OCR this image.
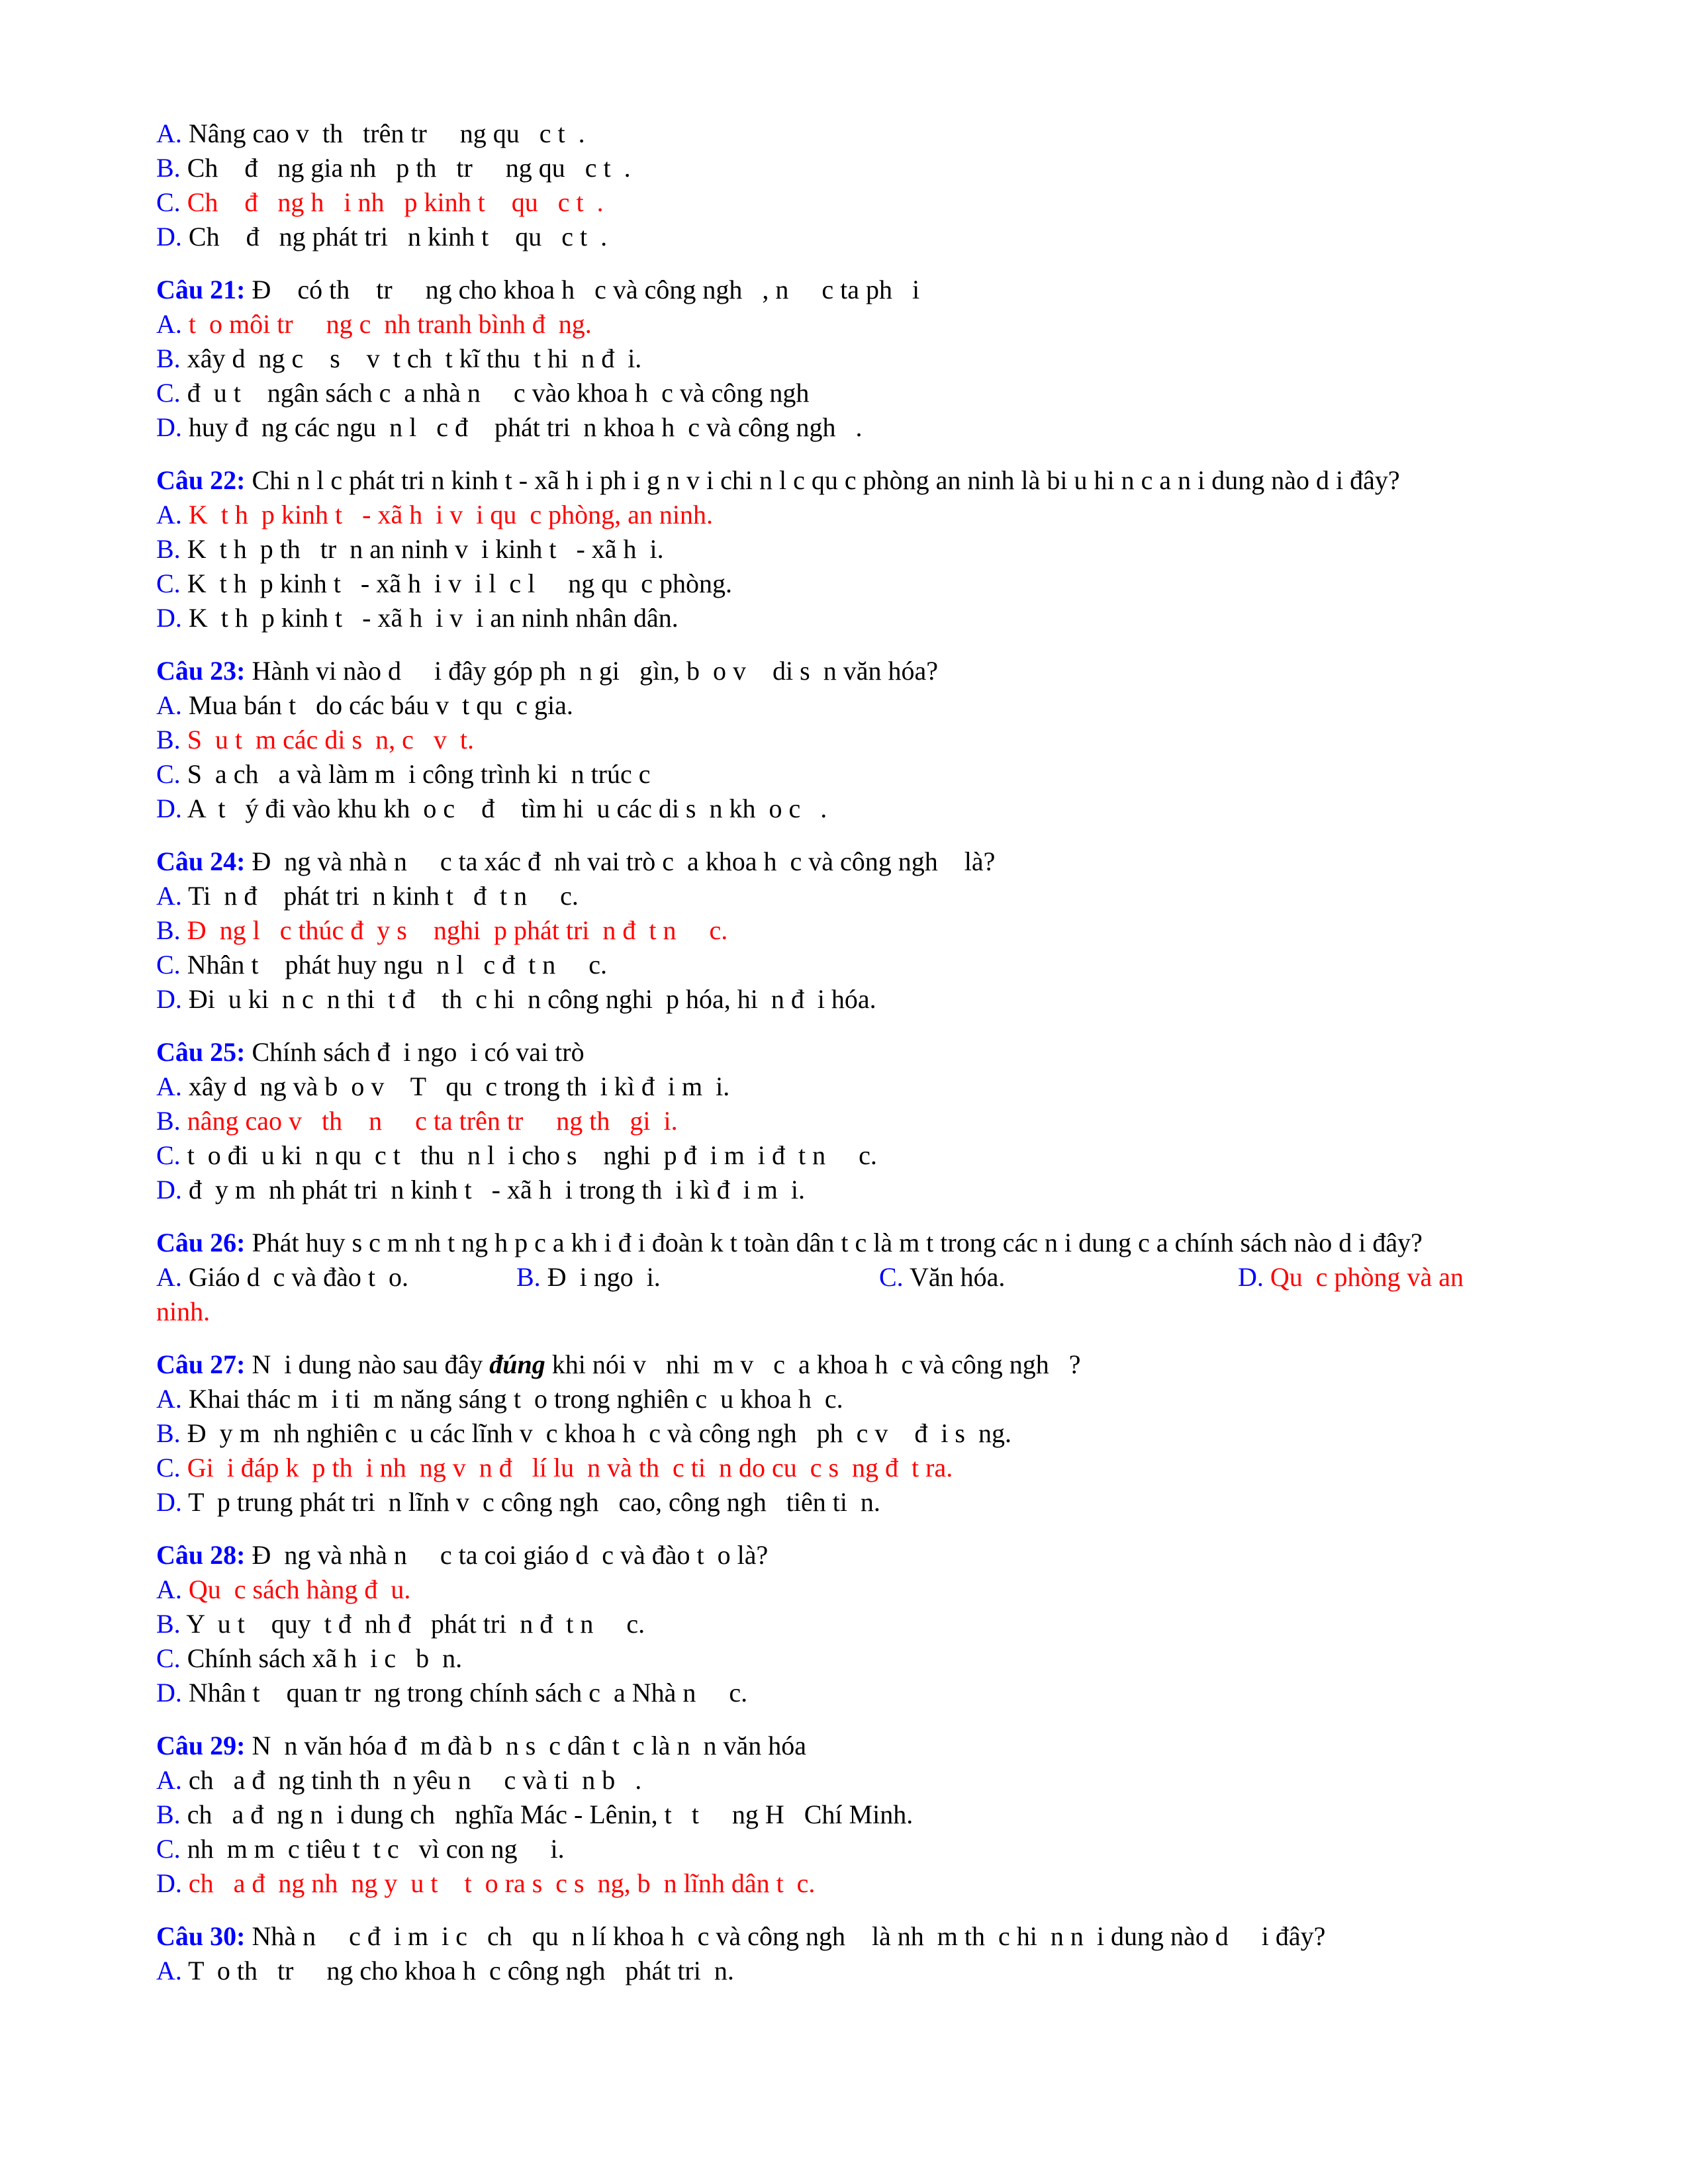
A. Nâng cao v  th   trên tr     ng qu   c t  .
B. Ch    đ   ng gia nh   p th   tr     ng qu   c t  .
C. Ch    đ   ng h   i nh   p kinh t    qu   c t  .
D. Ch    đ   ng phát tri   n kinh t    qu   c t  .
Câu 21: Đ    có th    tr     ng cho khoa h   c và công ngh   , n     c ta ph   i
A. t  o môi tr     ng c  nh tranh bình đ  ng.
B. xây d  ng c    s    v  t ch  t kĩ thu  t hi  n đ  i.
C. đ  u t    ngân sách c  a nhà n     c vào khoa h  c và công ngh
D. huy đ  ng các ngu  n l   c đ    phát tri  n khoa h  c và công ngh   .
Câu 22: Chi n l c phát tri n kinh t - xã h i ph i g n v i chi n l c qu c phòng an ninh là bi u hi n c a n i dung nào d i đây?
A. K  t h  p kinh t   - xã h  i v  i qu  c phòng, an ninh.
B. K  t h  p th   tr  n an ninh v  i kinh t   - xã h  i.
C. K  t h  p kinh t   - xã h  i v  i l  c l     ng qu  c phòng.
D. K  t h  p kinh t   - xã h  i v  i an ninh nhân dân.
Câu 23: Hành vi nào d     i đây góp ph  n gi   gìn, b  o v    di s  n văn hóa?
A. Mua bán t   do các báu v  t qu  c gia.
B. S  u t  m các di s  n, c   v  t.
C. S  a ch   a và làm m  i công trình ki  n trúc c
D. A  t   ý đi vào khu kh  o c    đ    tìm hi  u các di s  n kh  o c   .
Câu 24: Đ  ng và nhà n     c ta xác đ  nh vai trò c  a khoa h  c và công ngh    là?
A. Ti  n đ    phát tri  n kinh t   đ  t n     c.
B. Đ  ng l   c thúc đ  y s    nghi  p phát tri  n đ  t n     c.
C. Nhân t    phát huy ngu  n l   c đ  t n     c.
D. Đi  u ki  n c  n thi  t đ    th  c hi  n công nghi  p hóa, hi  n đ  i hóa.
Câu 25: Chính sách đ  i ngo  i có vai trò
A. xây d  ng và b  o v    T   qu  c trong th  i kì đ  i m  i.
B. nâng cao v   th    n     c ta trên tr     ng th   gi  i.
C. t  o đi  u ki  n qu  c t   thu  n l  i cho s    nghi  p đ  i m  i đ  t n     c.
D. đ  y m  nh phát tri  n kinh t   - xã h  i trong th  i kì đ  i m  i.
Câu 26: Phát huy s c m nh t ng h p c a kh i đ i đoàn k t toàn dân t c là m t trong các n i dung c a chính sách nào d i đây?
A. Giáo d  c và đào t  o.	B. Đ  i ngo  i.	C. Văn hóa.	D. Qu  c phòng và an
ninh.
Câu 27: N  i dung nào sau đây đúng khi nói v   nhi  m v   c  a khoa h  c và công ngh   ?
A. Khai thác m  i ti  m năng sáng t  o trong nghiên c  u khoa h  c.
B. Đ  y m  nh nghiên c  u các lĩnh v  c khoa h  c và công ngh   ph  c v    đ  i s  ng.
C. Gi  i đáp k  p th  i nh  ng v  n đ   lí lu  n và th  c ti  n do cu  c s  ng đ  t ra.
D. T  p trung phát tri  n lĩnh v  c công ngh   cao, công ngh   tiên ti  n.
Câu 28: Đ  ng và nhà n     c ta coi giáo d  c và đào t  o là?
A. Qu  c sách hàng đ  u.
B. Y  u t    quy  t đ  nh đ   phát tri  n đ  t n     c.
C. Chính sách xã h  i c   b  n.
D. Nhân t    quan tr  ng trong chính sách c  a Nhà n     c.
Câu 29: N  n văn hóa đ  m đà b  n s  c dân t  c là n  n văn hóa
A. ch   a đ  ng tinh th  n yêu n     c và ti  n b   .
B. ch   a đ  ng n  i dung ch   nghĩa Mác - Lênin, t   t     ng H   Chí Minh.
C. nh  m m  c tiêu t  t c   vì con ng     i.
D. ch   a đ  ng nh  ng y  u t    t  o ra s  c s  ng, b  n lĩnh dân t  c.
Câu 30: Nhà n     c đ  i m  i c   ch   qu  n lí khoa h  c và công ngh    là nh  m th  c hi  n n  i dung nào d     i đây?
A. T  o th   tr     ng cho khoa h  c công ngh   phát tri  n.
